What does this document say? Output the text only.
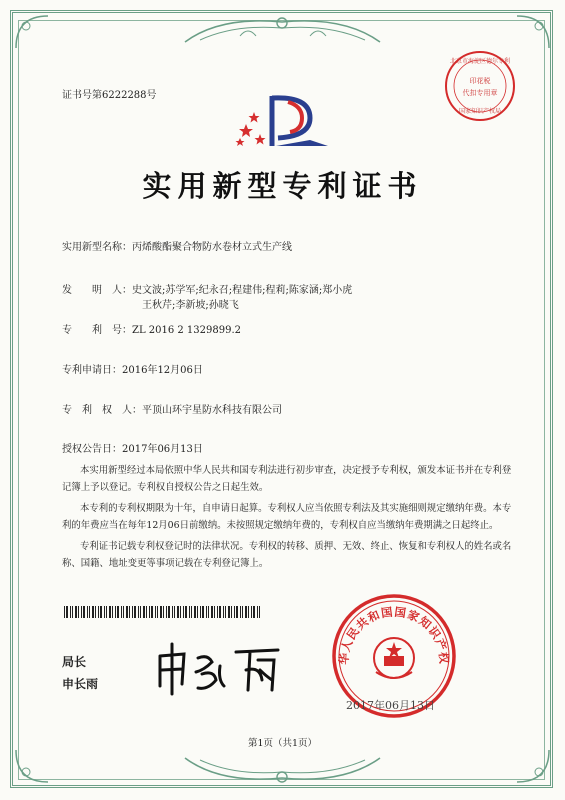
证书号第6222288号
北京市海淀区德尔专利
印花税
代扣专用章
国家知识产权局
实用新型专利证书
实用新型名称：丙烯酸酯聚合物防水卷材立式生产线
发　　明　人：史文波;苏学军;纪永召;程建伟;程莉;陈家涵;郑小虎
王秋芹;李新坡;孙晓飞
专　　利　号：ZL 2016 2 1329899.2
专利申请日：2016年12月06日
专　利　权　人：平顶山环宇星防水科技有限公司
授权公告日：2017年06月13日

本实用新型经过本局依照中华人民共和国专利法进行初步审查，决定授予专利权，颁发本证书并在专利登记簿上予以登记。专利权自授权公告之日起生效。

本专利的专利权期限为十年，自申请日起算。专利权人应当依照专利法及其实施细则规定缴纳年费。本专利的年费应当在每年12月06日前缴纳。未按照规定缴纳年费的，专利权自应当缴纳年费期满之日起终止。

专利证书记载专利权登记时的法律状况。专利权的转移、质押、无效、终止、恢复和专利权人的姓名或名称、国籍、地址变更等事项记载在专利登记簿上。

局长
申长雨
华人民共和国国家知识产权
2017年06月13日
第1页（共1页）
